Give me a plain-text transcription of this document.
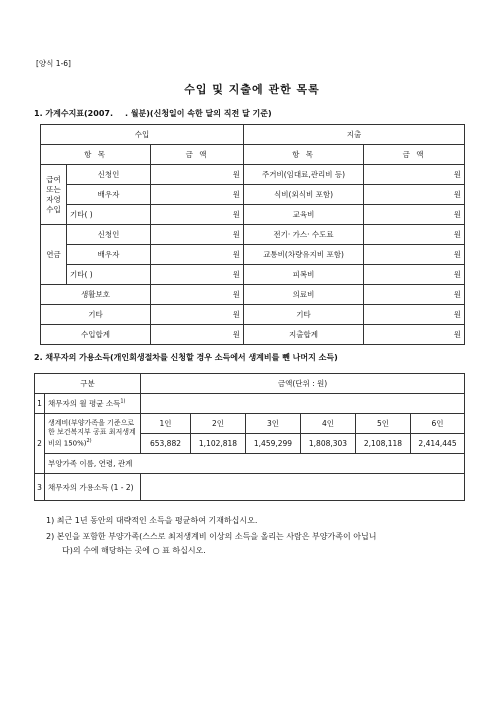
[양식 1-6]
수입 및 지출에 관한 목록
1. 가계수지표(2007. . 월분)(신청일이 속한 달의 직전 달 기준)
수입			지출	
항 목		금 액	항 목	금 액
급여
또는
자영
수입	신청인	원	주거비(임대료,관리비 등)	원
	배우자	원	식비(외식비 포함)	원
	기타( )	원	교육비	원
연금	신청인	원	전기· 가스· 수도료	원
	배우자	원	교통비(차량유지비 포함)	원
	기타( )	원	피복비	원
생활보호		원	의료비	원
기타		원	기타	원
수입합계		원	지출합계	원
2. 채무자의 가용소득(개인회생절차를 신청할 경우 소득에서 생계비를 뺀 나머지 소득)
구분		금액(단위 : 원)					
1	채무자의 월 평균 소득$^{1)}$	
2	생계비(부양가족을 기준으로 한 보건복지부 공표 최저생계비의 150%)$^{2)}$	1인	2인	3인	4인	5인	6인
		653,882	1,102,818	1,459,299	1,808,303	2,108,118	2,414,445
	부양가족 이름, 연령, 관계						
3	채무자의 가용소득 (1 - 2)						
1) 최근 1년 동안의 대략적인 소득을 평균하여 기재하십시오.
2) 본인을 포함한 부양가족(스스로 최저생계비 이상의 소득을 올리는 사람은 부양가족이 아닙니
다)의 수에 해당하는 곳에 ○ 표 하십시오.
